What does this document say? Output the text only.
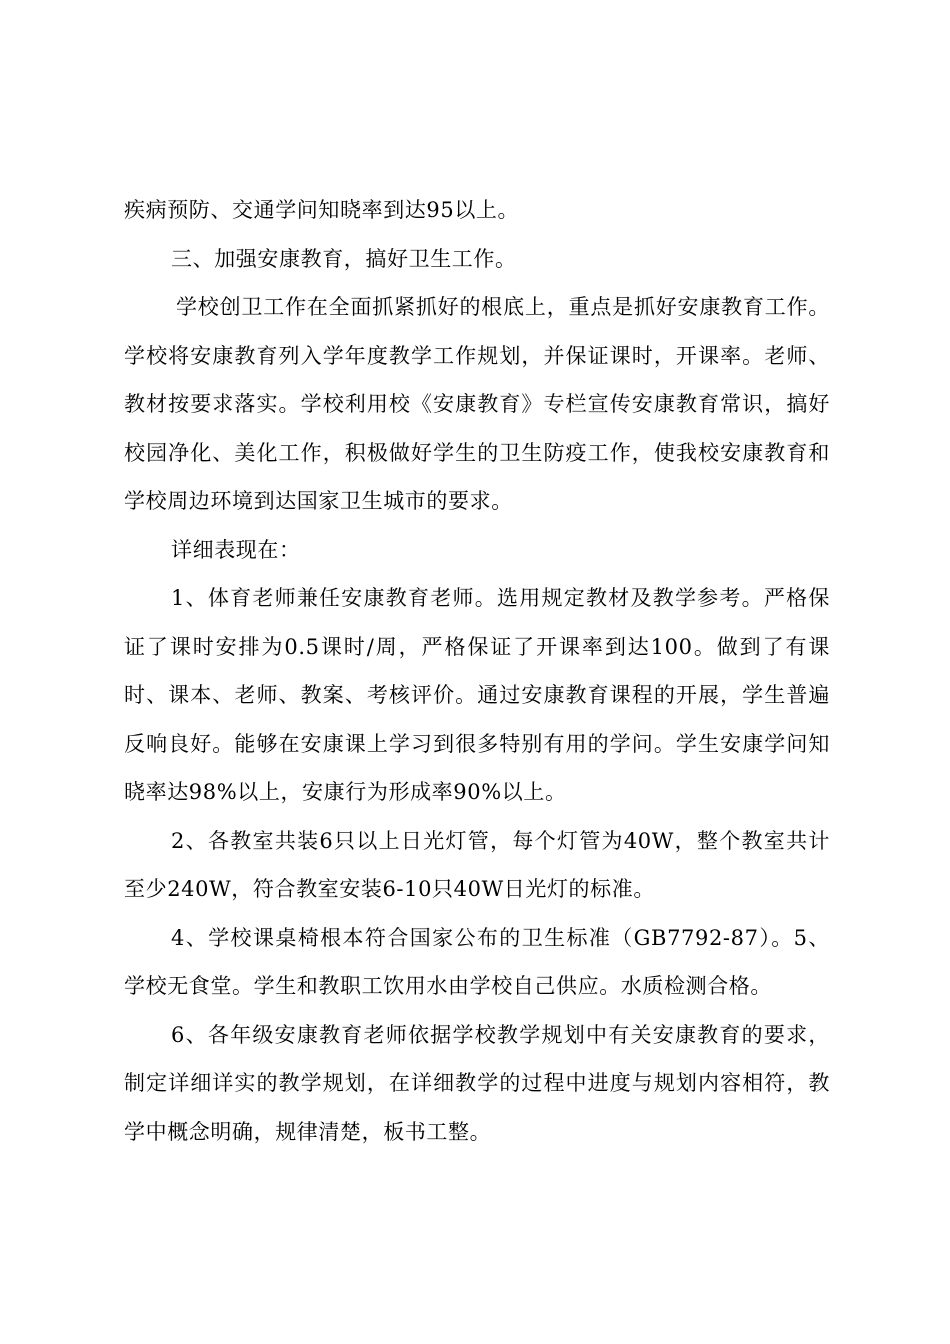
疾病预防、交通学问知晓率到达95以上。

三、加强安康教育，搞好卫生工作。

学校创卫工作在全面抓紧抓好的根底上，重点是抓好安康教育工作。学校将安康教育列入学年度教学工作规划，并保证课时，开课率。老师、教材按要求落实。学校利用校《安康教育》专栏宣传安康教育常识，搞好校园净化、美化工作，积极做好学生的卫生防疫工作，使我校安康教育和学校周边环境到达国家卫生城市的要求。

详细表现在：

1、体育老师兼任安康教育老师。选用规定教材及教学参考。严格保证了课时安排为0.5课时/周，严格保证了开课率到达100。做到了有课时、课本、老师、教案、考核评价。通过安康教育课程的开展，学生普遍反响良好。能够在安康课上学习到很多特别有用的学问。学生安康学问知晓率达98%以上，安康行为形成率90%以上。

2、各教室共装6只以上日光灯管，每个灯管为40W，整个教室共计至少240W，符合教室安装6-10只40W日光灯的标准。

4、学校课桌椅根本符合国家公布的卫生标准（GB7792-87）。5、学校无食堂。学生和教职工饮用水由学校自己供应。水质检测合格。

6、各年级安康教育老师依据学校教学规划中有关安康教育的要求，制定详细详实的教学规划，在详细教学的过程中进度与规划内容相符，教学中概念明确，规律清楚，板书工整。
